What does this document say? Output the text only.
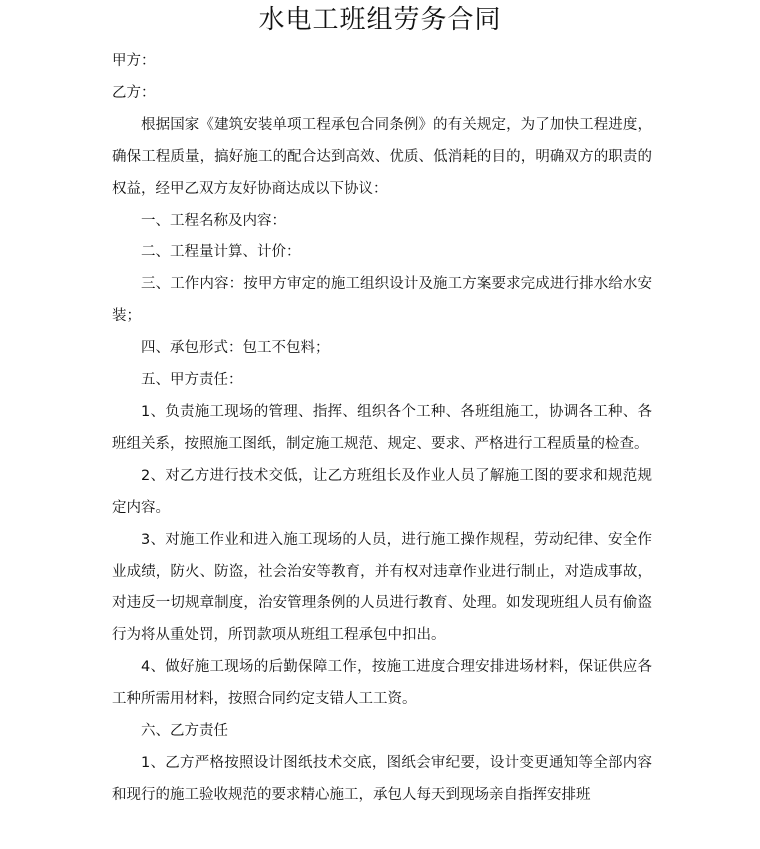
水电工班组劳务合同

甲方：

乙方：

根据国家《建筑安装单项工程承包合同条例》的有关规定，为了加快工程进度，确保工程质量，搞好施工的配合达到高效、优质、低消耗的目的，明确双方的职责的权益，经甲乙双方友好协商达成以下协议：

一、工程名称及内容：

二、工程量计算、计价：

三、工作内容：按甲方审定的施工组织设计及施工方案要求完成进行排水给水安装；

四、承包形式：包工不包料；

五、甲方责任：

1、负责施工现场的管理、指挥、组织各个工种、各班组施工，协调各工种、各班组关系，按照施工图纸，制定施工规范、规定、要求、严格进行工程质量的检查。

2、对乙方进行技术交低，让乙方班组长及作业人员了解施工图的要求和规范规定内容。

3、对施工作业和进入施工现场的人员，进行施工操作规程，劳动纪律、安全作业成绩，防火、防盗，社会治安等教育，并有权对违章作业进行制止，对造成事故，对违反一切规章制度，治安管理条例的人员进行教育、处理。如发现班组人员有偷盗行为将从重处罚，所罚款项从班组工程承包中扣出。

4、做好施工现场的后勤保障工作，按施工进度合理安排进场材料，保证供应各工种所需用材料，按照合同约定支错人工工资。

六、乙方责任

1、乙方严格按照设计图纸技术交底，图纸会审纪要，设计变更通知等全部内容和现行的施工验收规范的要求精心施工，承包人每天到现场亲自指挥安排班
